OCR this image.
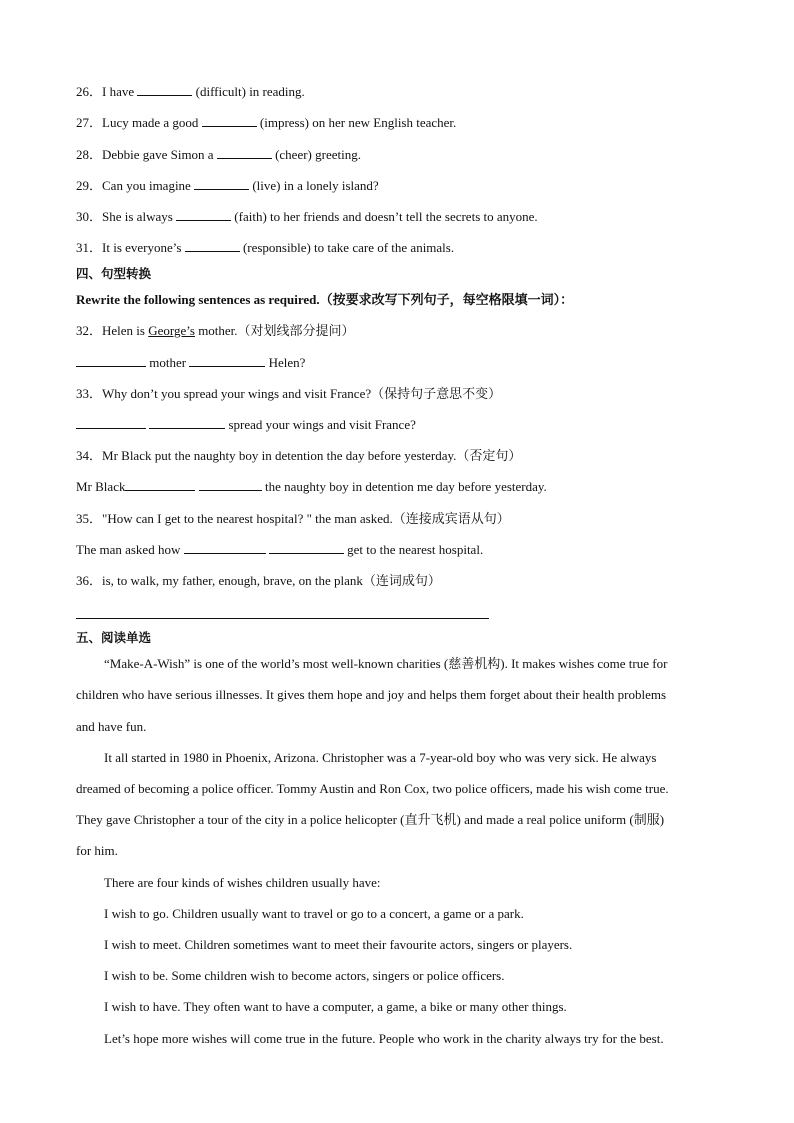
26．I have	(difficult) in reading.
27．Lucy made a good	(impress) on her new English teacher.
28．Debbie gave Simon a	(cheer) greeting.
29．Can you imagine	(live) in a lonely island?
30．She is always	(faith) to her friends and doesn’t tell the secrets to anyone.
31．It is everyone’s	(responsible) to take care of the animals.
四、句型转换
Rewrite the following sentences as required.（按要求改写下列句子，每空格限填一词）：
32．Helen is George’s mother.（对划线部分提问）
mother	Helen?
33．Why don’t you spread your wings and visit France?（保持句子意思不变）
spread your wings and visit France?
34．Mr Black put the naughty boy in detention the day before yesterday.（否定句）
Mr Black	the naughty boy in detention me day before yesterday.
35．"How can I get to the nearest hospital? " the man asked.（连接成宾语从句）
The man asked how	get to the nearest hospital.
36．is, to walk, my father, enough, brave, on the plank（连词成句）
五、阅读单选
“Make-A-Wish” is one of the world’s most well-known charities (慈善机构). It makes wishes come true for
children who have serious illnesses. It gives them hope and joy and helps them forget about their health problems
and have fun.
It all started in 1980 in Phoenix, Arizona. Christopher was a 7-year-old boy who was very sick. He always
dreamed of becoming a police officer. Tommy Austin and Ron Cox, two police officers, made his wish come true.
They gave Christopher a tour of the city in a police helicopter (直升飞机) and made a real police uniform (制服)
for him.
There are four kinds of wishes children usually have:
I wish to go. Children usually want to travel or go to a concert, a game or a park.
I wish to meet. Children sometimes want to meet their favourite actors, singers or players.
I wish to be. Some children wish to become actors, singers or police officers.
I wish to have. They often want to have a computer, a game, a bike or many other things.
Let’s hope more wishes will come true in the future. People who work in the charity always try for the best.
